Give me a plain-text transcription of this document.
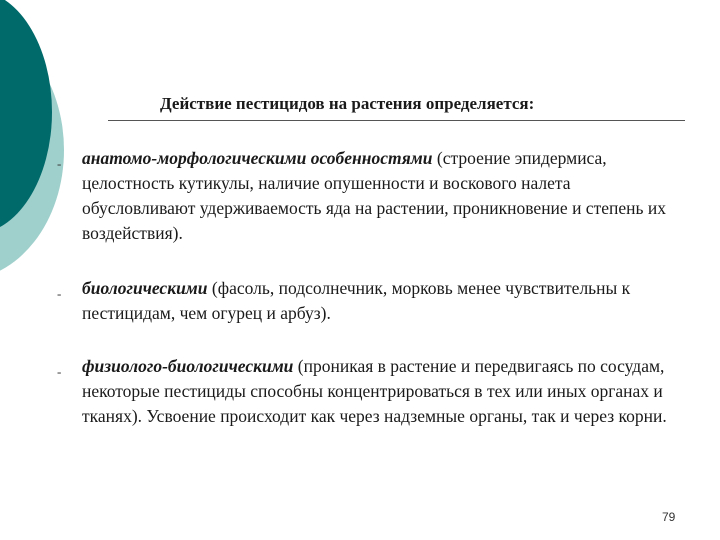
Действие пестицидов на растения определяется:
- анатомо-морфологическими особенностями (строение эпидермиса, целостность кутикулы, наличие опушенности и воскового налета обусловливают удерживаемость яда на растении, проникновение и степень их воздействия).
- биологическими (фасоль, подсолнечник, морковь менее чувствительны к пестицидам, чем огурец и арбуз).
- физиолого-биологическими (проникая в растение и передвигаясь по сосудам, некоторые пестициды способны концентрироваться в тех или иных органах и тканях). Усвоение происходит как через надземные органы, так и через корни.
79
